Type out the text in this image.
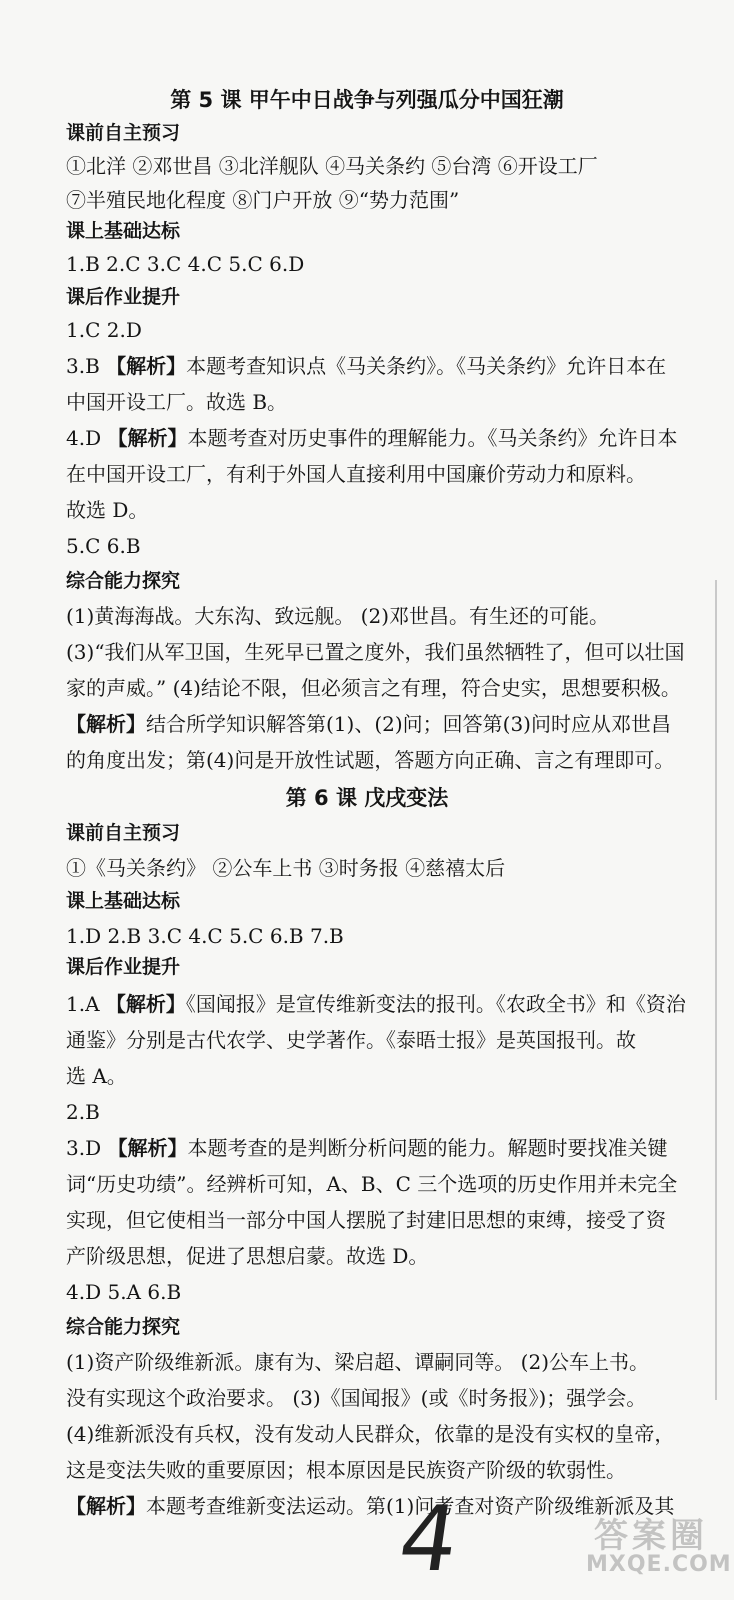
第 5 课 甲午中日战争与列强瓜分中国狂潮
课前自主预习
①北洋 ②邓世昌 ③北洋舰队 ④马关条约 ⑤台湾 ⑥开设工厂
⑦半殖民地化程度 ⑧门户开放 ⑨“势力范围”
课上基础达标
1.B 2.C 3.C 4.C 5.C 6.D
课后作业提升
1.C 2.D
3.B 【解析】本题考查知识点《马关条约》。《马关条约》允许日本在
中国开设工厂。故选 B。
4.D 【解析】本题考查对历史事件的理解能力。《马关条约》允许日本
在中国开设工厂，有利于外国人直接利用中国廉价劳动力和原料。
故选 D。
5.C 6.B
综合能力探究
(1)黄海海战。大东沟、致远舰。 (2)邓世昌。有生还的可能。
(3)“我们从军卫国，生死早已置之度外，我们虽然牺牲了，但可以壮国
家的声威。” (4)结论不限，但必须言之有理，符合史实，思想要积极。
【解析】结合所学知识解答第(1)、(2)问；回答第(3)问时应从邓世昌
的角度出发；第(4)问是开放性试题，答题方向正确、言之有理即可。
第 6 课 戊戌变法
课前自主预习
①《马关条约》 ②公车上书 ③时务报 ④慈禧太后
课上基础达标
1.D 2.B 3.C 4.C 5.C 6.B 7.B
课后作业提升
1.A 【解析】《国闻报》是宣传维新变法的报刊。《农政全书》和《资治
通鉴》分别是古代农学、史学著作。《泰晤士报》是英国报刊。故
选 A。
2.B
3.D 【解析】本题考查的是判断分析问题的能力。解题时要找准关键
词“历史功绩”。经辨析可知，A、B、C 三个选项的历史作用并未完全
实现，但它使相当一部分中国人摆脱了封建旧思想的束缚，接受了资
产阶级思想，促进了思想启蒙。故选 D。
4.D 5.A 6.B
综合能力探究
(1)资产阶级维新派。康有为、梁启超、谭嗣同等。 (2)公车上书。
没有实现这个政治要求。 (3)《国闻报》(或《时务报》)；强学会。
(4)维新派没有兵权，没有发动人民群众，依靠的是没有实权的皇帝，
这是变法失败的重要原因；根本原因是民族资产阶级的软弱性。
【解析】本题考查维新变法运动。第(1)问考查对资产阶级维新派及其
4	答案圈
MXQE.COM
